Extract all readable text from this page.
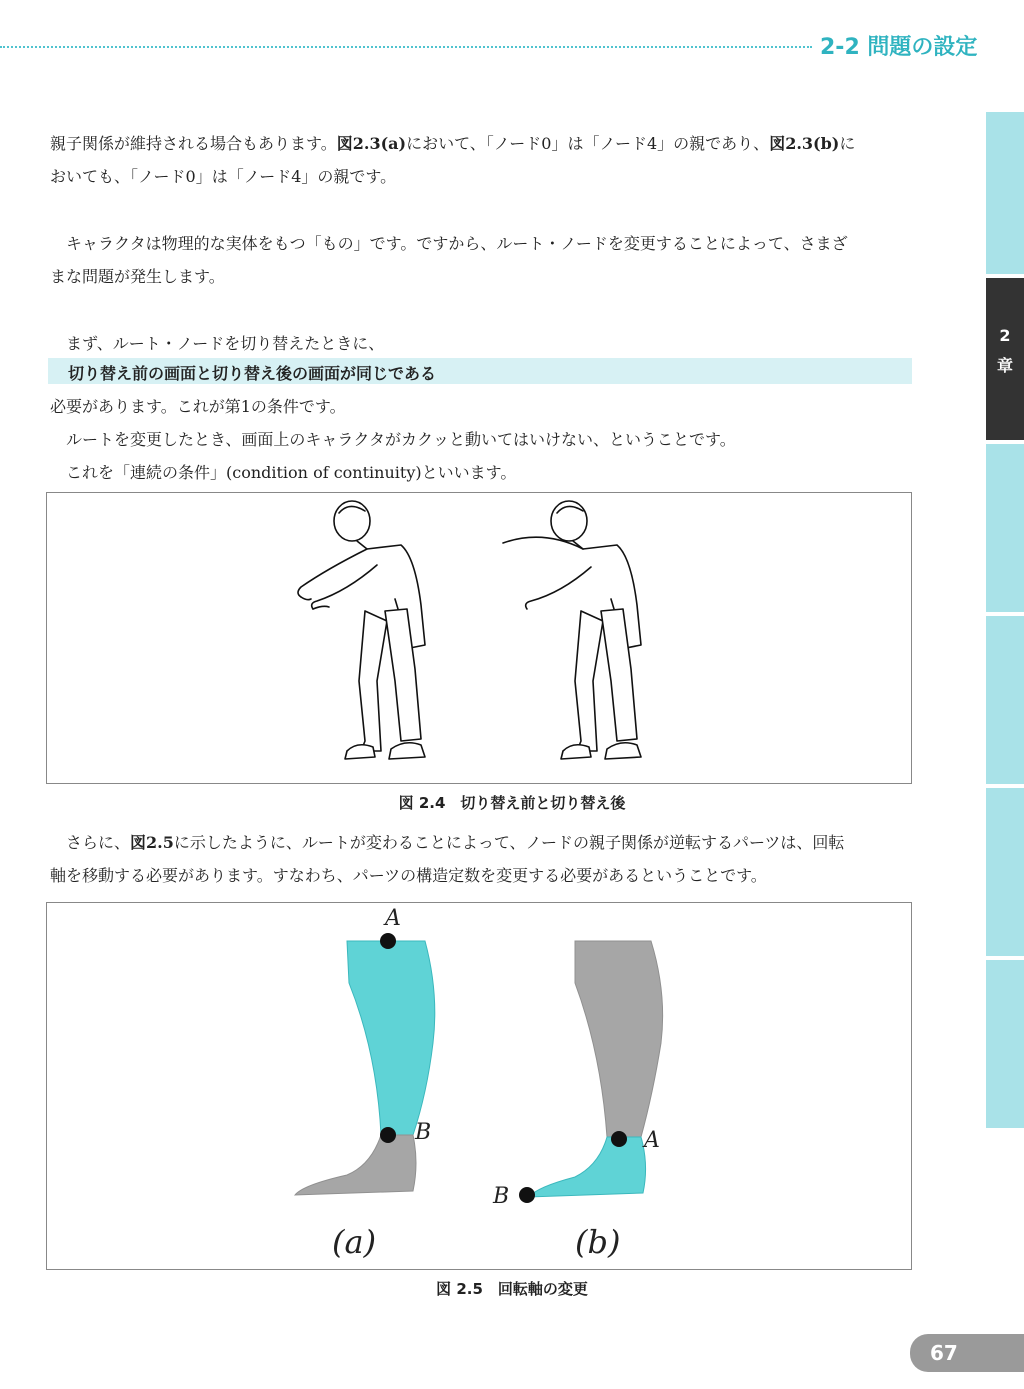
2-2 問題の設定
親子関係が維持される場合もあります。図2.3(a)において、「ノード0」は「ノード4」の親であり、図2.3(b)に
おいても、「ノード0」は「ノード4」の親です。
キャラクタは物理的な実体をもつ「もの」です。ですから、ルート・ノードを変更することによって、さまざ
まな問題が発生します。
まず、ルート・ノードを切り替えたときに、
切り替え前の画面と切り替え後の画面が同じである
必要があります。これが第1の条件です。
ルートを変更したとき、画面上のキャラクタがカクッと動いてはいけない、ということです。
これを「連続の条件」(condition of continuity)といいます。
図 2.4　切り替え前と切り替え後
さらに、図2.5に示したように、ルートが変わることによって、ノードの親子関係が逆転するパーツは、回転
軸を移動する必要があります。すなわち、パーツの構造定数を変更する必要があるということです。
A
B
(a)
A
B
(b)
図 2.5　回転軸の変更
2
章
67
